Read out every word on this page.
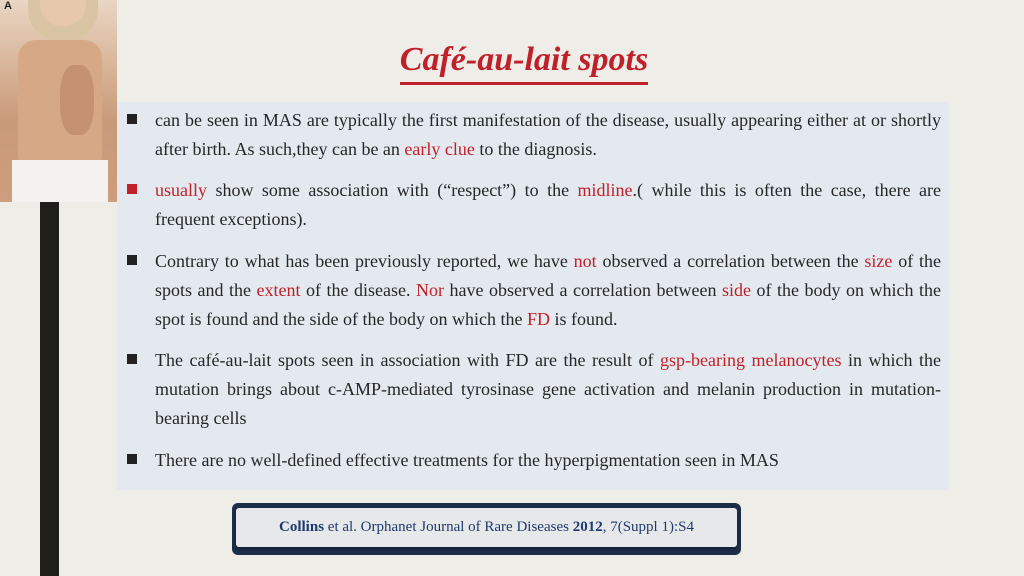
A
Café-au-lait spots
can be seen in MAS are typically the first manifestation of the disease, usually appearing either at or shortly after birth. As such,they can be an early clue to the diagnosis.
usually show some association with (“respect”) to the midline.( while this is often the case, there are frequent exceptions).
Contrary to what has been previously reported, we have not observed a correlation between the size of the spots and the extent of the disease. Nor have observed a correlation between side of the body on which the spot is found and the side of the body on which the FD is found.
The café-au-lait spots seen in association with FD are the result of gsp-bearing melanocytes in which the mutation brings about c-AMP-mediated tyrosinase gene activation and melanin production in mutation-bearing cells
There are no well-defined effective treatments for the hyperpigmentation seen in MAS
Collins et al. Orphanet Journal of Rare Diseases 2012, 7(Suppl 1):S4
